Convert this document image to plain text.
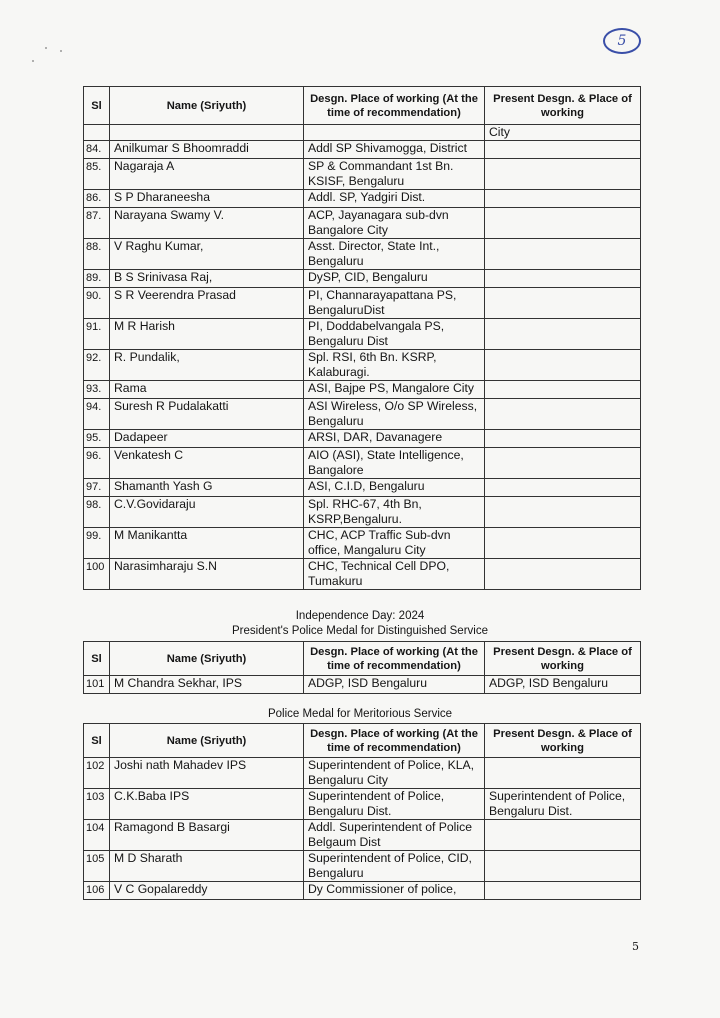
5
Sl	Name (Sriyuth)	Desgn. Place of working (At the time of recommendation)	Present Desgn. & Place of working
			City
84.	Anilkumar S Bhoomraddi	Addl SP Shivamogga, District	
85.	Nagaraja A	SP & Commandant 1st Bn. KSISF, Bengaluru	
86.	S P Dharaneesha	Addl. SP, Yadgiri Dist.	
87.	Narayana Swamy V.	ACP, Jayanagara sub-dvn Bangalore City	
88.	V Raghu Kumar,	Asst. Director, State Int., Bengaluru	
89.	B S Srinivasa Raj,	DySP, CID, Bengaluru	
90.	S R Veerendra Prasad	PI, Channarayapattana PS, BengaluruDist	
91.	M R Harish	PI, Doddabelvangala PS, Bengaluru Dist	
92.	R. Pundalik,	Spl. RSI, 6th Bn. KSRP, Kalaburagi.	
93.	Rama	ASI, Bajpe PS, Mangalore City	
94.	Suresh R Pudalakatti	ASI Wireless, O/o SP Wireless, Bengaluru	
95.	Dadapeer	ARSI, DAR, Davanagere	
96.	Venkatesh C	AIO (ASI), State Intelligence, Bangalore	
97.	Shamanth Yash G	ASI, C.I.D, Bengaluru	
98.	C.V.Govidaraju	Spl. RHC-67, 4th Bn, KSRP,Bengaluru.	
99.	M Manikantta	CHC, ACP Traffic Sub-dvn office, Mangaluru City	
100	Narasimharaju S.N	CHC, Technical Cell DPO, Tumakuru	
Independence Day: 2024
President's Police Medal for Distinguished Service
Sl	Name (Sriyuth)	Desgn. Place of working (At the time of recommendation)	Present Desgn. & Place of working
101	M Chandra Sekhar, IPS	ADGP, ISD Bengaluru	ADGP, ISD Bengaluru
Police Medal for Meritorious Service
Sl	Name (Sriyuth)	Desgn. Place of working (At the time of recommendation)	Present Desgn. & Place of working
102	Joshi nath Mahadev IPS	Superintendent of Police, KLA, Bengaluru City	
103	C.K.Baba IPS	Superintendent of Police, Bengaluru Dist.	Superintendent of Police, Bengaluru Dist.
104	Ramagond B Basargi	Addl. Superintendent of Police Belgaum Dist	
105	M D Sharath	Superintendent of Police, CID, Bengaluru	
106	V C Gopalareddy	Dy Commissioner of police,	
5
